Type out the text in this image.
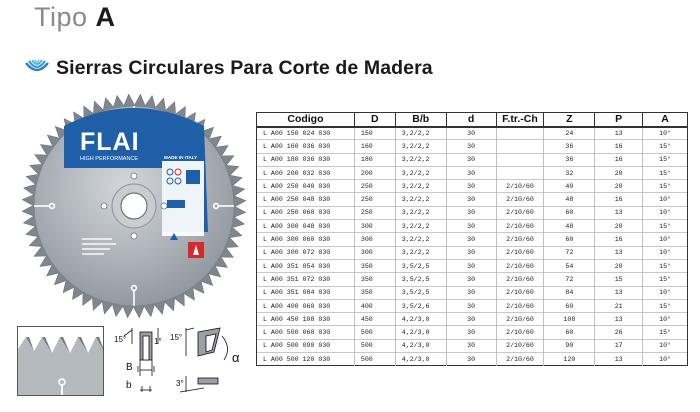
Tipo A
Sierras Circulares Para Corte de Madera
FLAI
HIGH PERFORMANCE	MADE IN ITALY
15°	1°
B
b
15°
α
3°
Codigo	D	B/b	d	F.tr.-Ch	Z	P	A
L A00 150 024 030	150	3,2/2,2	30		24	13	10°
L A00 160 036 030	160	3,2/2,2	30		36	16	15°
L A00 180 036 030	180	3,2/2,2	30		36	16	15°
L A00 200 032 030	200	3,2/2,2	30		32	20	15°
L A00 250 040 030	250	3,2/2,2	30	2/10/60	40	20	15°
L A00 250 048 030	250	3,2/2,2	30	2/10/60	48	16	10°
L A00 250 060 030	250	3,2/2,2	30	2/10/60	60	13	10°
L A00 300 048 030	300	3,2/2,2	30	2/10/60	48	20	15°
L A00 300 060 030	300	3,2/2,2	30	2/10/60	60	16	10°
L A00 300 072 030	300	3,2/2,2	30	2/10/60	72	13	10°
L A00 351 054 030	350	3,5/2,5	30	2/10/60	54	20	15°
L A00 351 072 030	350	3,5/2,5	30	2/10/60	72	15	15°
L A00 351 084 030	350	3,5/2,5	30	2/10/60	84	13	10°
L A00 400 060 030	400	3,5/2,6	30	2/10/60	60	21	15°
L A00 450 108 030	450	4,2/3,0	30	2/10/60	108	13	10°
L A00 500 060 030	500	4,2/3,0	30	2/10/60	60	26	15°
L A00 500 090 030	500	4,2/3,0	30	2/10/60	90	17	10°
L A00 500 120 030	500	4,2/3,0	30	2/10/60	120	13	10°
